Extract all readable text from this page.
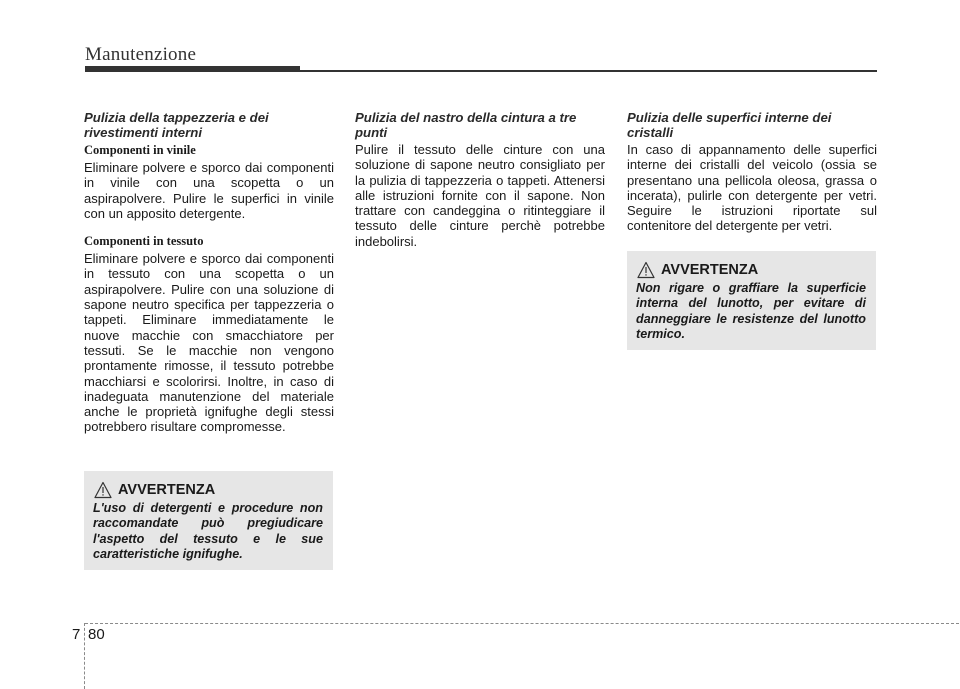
Manutenzione
Pulizia della tappezzeria e dei rivestimenti interni
Componenti in vinile

Eliminare polvere e sporco dai componenti in vinile con una scopetta o un aspirapolvere. Pulire le superfici in vinile con un apposito detergente.

Componenti in tessuto

Eliminare polvere e sporco dai componenti in tessuto con una scopetta o un aspirapolvere. Pulire con una soluzione di sapone neutro specifica per tappezzeria o tappeti. Eliminare immediatamente le nuove macchie con smacchiatore per tessuti. Se le macchie non vengono prontamente rimosse, il tessuto potrebbe macchiarsi e scolorirsi. Inoltre, in caso di inadeguata manutenzione del materiale anche le proprietà ignifughe degli stessi potrebbero risultare compromesse.

AVVERTENZA
L'uso di detergenti e procedure non raccomandate può pregiudicare l'aspetto del tessuto e le sue caratteristiche ignifughe.
Pulizia del nastro della cintura a tre punti

Pulire il tessuto delle cinture con una soluzione di sapone neutro consigliato per la pulizia di tappezzeria o tappeti. Attenersi alle istruzioni fornite con il sapone. Non trattare con candeggina o ritinteggiare il tessuto delle cinture perchè potrebbe indebolirsi.

Pulizia delle superfici interne dei cristalli

In caso di appannamento delle superfici interne dei cristalli del veicolo (ossia se presentano una pellicola oleosa, grassa o incerata), pulirle con detergente per vetri. Seguire le istruzioni riportate sul contenitore del detergente per vetri.

AVVERTENZA
Non rigare o graffiare la superficie interna del lunotto, per evitare di danneggiare le resistenze del lunotto termico.
7 80
